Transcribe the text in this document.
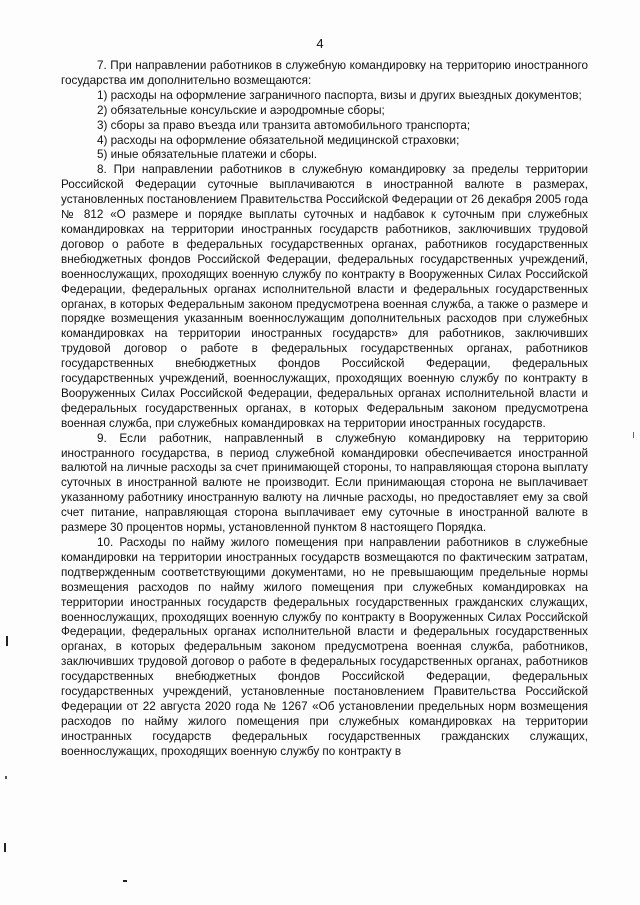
4

7. При направлении работников в служебную командировку на территорию иностранного государства им дополнительно возмещаются:

1) расходы на оформление заграничного паспорта, визы и других выездных документов;

2) обязательные консульские и аэродромные сборы;

3) сборы за право въезда или транзита автомобильного транспорта;

4) расходы на оформление обязательной медицинской страховки;

5) иные обязательные платежи и сборы.

8. При направлении работников в служебную командировку за пределы территории Российской Федерации суточные выплачиваются в иностранной валюте в размерах, установленных постановлением Правительства Российской Федерации от 26 декабря 2005 года № 812 «О размере и порядке выплаты суточных и надбавок к суточным при служебных командировках на территории иностранных государств работников, заключивших трудовой договор о работе в федеральных государственных органах, работников государственных внебюджетных фондов Российской Федерации, федеральных государственных учреждений, военнослужащих, проходящих военную службу по контракту в Вооруженных Силах Российской Федерации, федеральных органах исполнительной власти и федеральных государственных органах, в которых Федеральным законом предусмотрена военная служба, а также о размере и порядке возмещения указанным военнослужащим дополнительных расходов при служебных командировках на территории иностранных государств» для работников, заключивших трудовой договор о работе в федеральных государственных органах, работников государственных внебюджетных фондов Российской Федерации, федеральных государственных учреждений, военнослужащих, проходящих военную службу по контракту в Вооруженных Силах Российской Федерации, федеральных органах исполнительной власти и федеральных государственных органах, в которых Федеральным законом предусмотрена военная служба, при служебных командировках на территории иностранных государств.

9. Если работник, направленный в служебную командировку на территорию иностранного государства, в период служебной командировки обеспечивается иностранной валютой на личные расходы за счет принимающей стороны, то направляющая сторона выплату суточных в иностранной валюте не производит. Если принимающая сторона не выплачивает указанному работнику иностранную валюту на личные расходы, но предоставляет ему за свой счет питание, направляющая сторона выплачивает ему суточные в иностранной валюте в размере 30 процентов нормы, установленной пунктом 8 настоящего Порядка.

10. Расходы по найму жилого помещения при направлении работников в служебные командировки на территории иностранных государств возмещаются по фактическим затратам, подтвержденным соответствующими документами, но не превышающим предельные нормы возмещения расходов по найму жилого помещения при служебных командировках на территории иностранных государств федеральных государственных гражданских служащих, военнослужащих, проходящих военную службу по контракту в Вооруженных Силах Российской Федерации, федеральных органах исполнительной власти и федеральных государственных органах, в которых федеральным законом предусмотрена военная служба, работников, заключивших трудовой договор о работе в федеральных государственных органах, работников государственных внебюджетных фондов Российской Федерации, федеральных государственных учреждений, установленные постановлением Правительства Российской Федерации от 22 августа 2020 года № 1267 «Об установлении предельных норм возмещения расходов по найму жилого помещения при служебных командировках на территории иностранных государств федеральных государственных гражданских служащих, военнослужащих, проходящих военную службу по контракту в
